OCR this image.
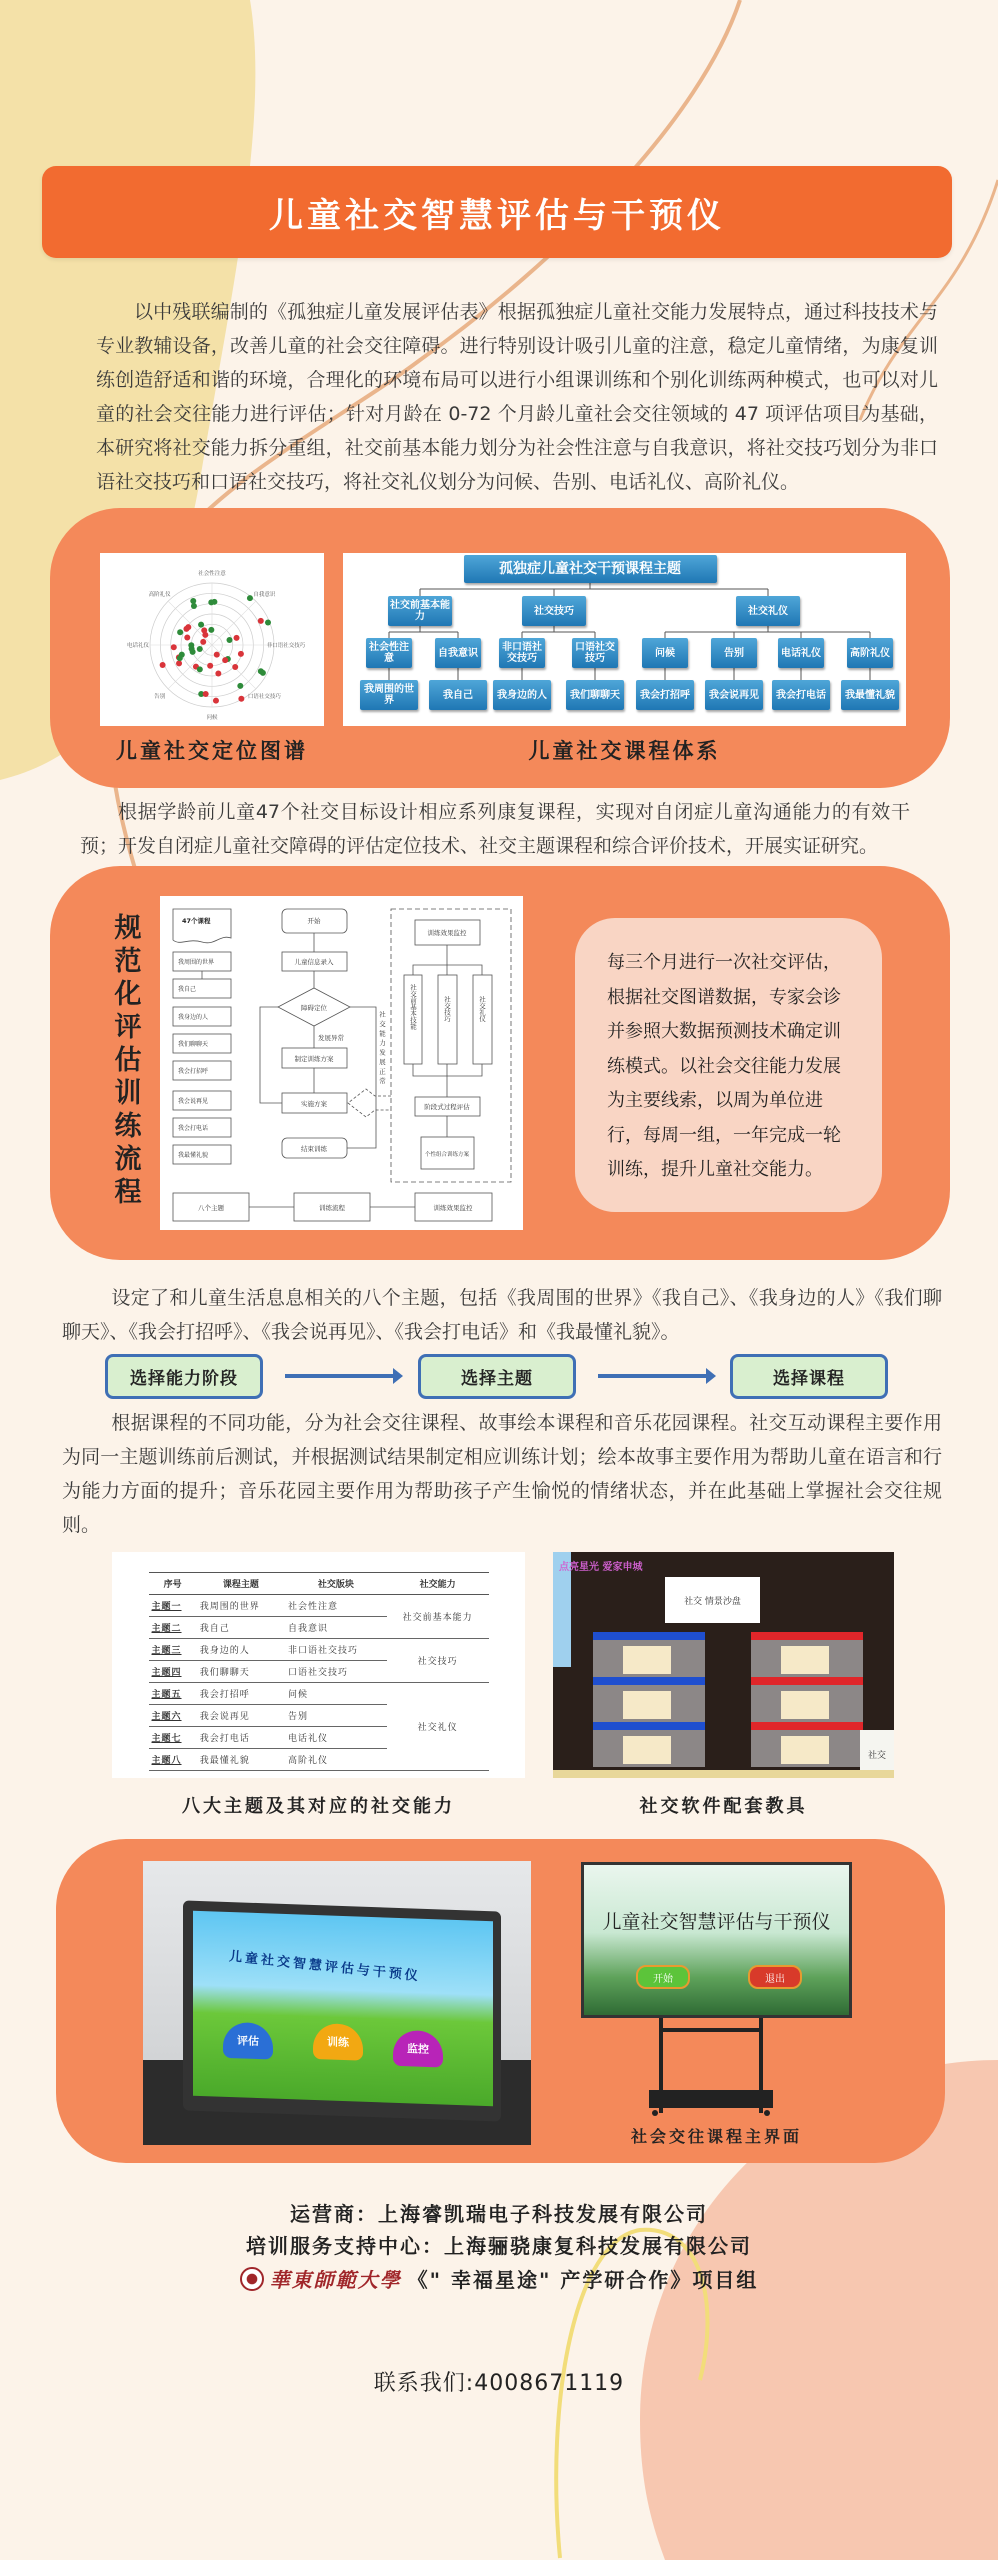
儿童社交智慧评估与干预仪

以中残联编制的《孤独症儿童发展评估表》根据孤独症儿童社交能力发展特点，通过科技技术与专业教辅设备，改善儿童的社会交往障碍。进行特别设计吸引儿童的注意，稳定儿童情绪，为康复训练创造舒适和谐的环境，合理化的环境布局可以进行小组课训练和个别化训练两种模式，也可以对儿童的社会交往能力进行评估；针对月龄在 0-72 个月龄儿童社会交往领域的 47 项评估项目为基础，本研究将社交能力拆分重组，社交前基本能力划分为社会性注意与自我意识，将社交技巧划分为非口语社交技巧和口语社交技巧，将社交礼仪划分为问候、告别、电话礼仪、高阶礼仪。

社会性注意
自我意识
非口语社交技巧
口语社交技巧
问候
告别
电话礼仪
高阶礼仪
孤独症儿童社交干预课程主题
社交前基本能力	社交技巧	社交礼仪
社会性注意
我周围的世界
自我意识
我自己
非口语社交技巧
我身边的人
口语社交技巧
我们聊聊天
问候
我会打招呼
告别
我会说再见
电话礼仪
我会打电话
高阶礼仪
我最懂礼貌
儿童社交定位图谱	儿童社交课程体系

根据学龄前儿童47个社交目标设计相应系列康复课程，实现对自闭症儿童沟通能力的有效干预；开发自闭症儿童社交障碍的评估定位技术、社交主题课程和综合评价技术，开展实证研究。

规
范
化
评
估
训
练
流
程
47个课程
我周围的世界
我自己
我身边的人
我们聊聊天
我会打招呼
我会说再见
我会打电话
我最懂礼貌
开始
儿童信息录入
障碍定位
发展异常
制定训练方案
实施方案
结束训练
社交能力发展正常
训练效果监控
社交前基本技能	社交技巧	社交礼仪
阶段式过程评估
个性组合训练方案
八个主题	训练流程	训练效果监控
每三个月进行一次社交评估，根据社交图谱数据，专家会诊并参照大数据预测技术确定训练模式。以社会交往能力发展为主要线索，以周为单位进行，每周一组，一年完成一轮训练，提升儿童社交能力。

设定了和儿童生活息息相关的八个主题，包括《我周围的世界》《我自己》、《我身边的人》《我们聊聊天》、《我会打招呼》、《我会说再见》、《我会打电话》和《我最懂礼貌》。

选择能力阶段	选择主题	选择课程

根据课程的不同功能，分为社会交往课程、故事绘本课程和音乐花园课程。社交互动课程主要作用为同一主题训练前后测试，并根据测试结果制定相应训练计划；绘本故事主要作用为帮助儿童在语言和行为能力方面的提升；音乐花园主要作用为帮助孩子产生愉悦的情绪状态，并在此基础上掌握社会交往规则。

序号	课程主题	社交版块	社交能力
主题一	我周围的世界	社会性注意	社交前基本能力
主题二	我自己	自我意识	
主题三	我身边的人	非口语社交技巧	社交技巧
主题四	我们聊聊天	口语社交技巧	
主题五	我会打招呼	问候	社交礼仪
主题六	我会说再见	告别	
主题七	我会打电话	电话礼仪	
主题八	我最懂礼貌	高阶礼仪	
八大主题及其对应的社交能力
点亮星光 爱家申城
社交 情景沙盘
社交
社交软件配套教具
儿童社交智慧评估与干预仪
评估	训练	监控
儿童社交智慧评估与干预仪
开始	退出
社会交往课程主界面
运营商：上海睿凯瑞电子科技发展有限公司
培训服务支持中心：上海骊骁康复科技发展有限公司
華東師範大學 《" 幸福星途" 产学研合作》项目组
联系我们:4008671119
